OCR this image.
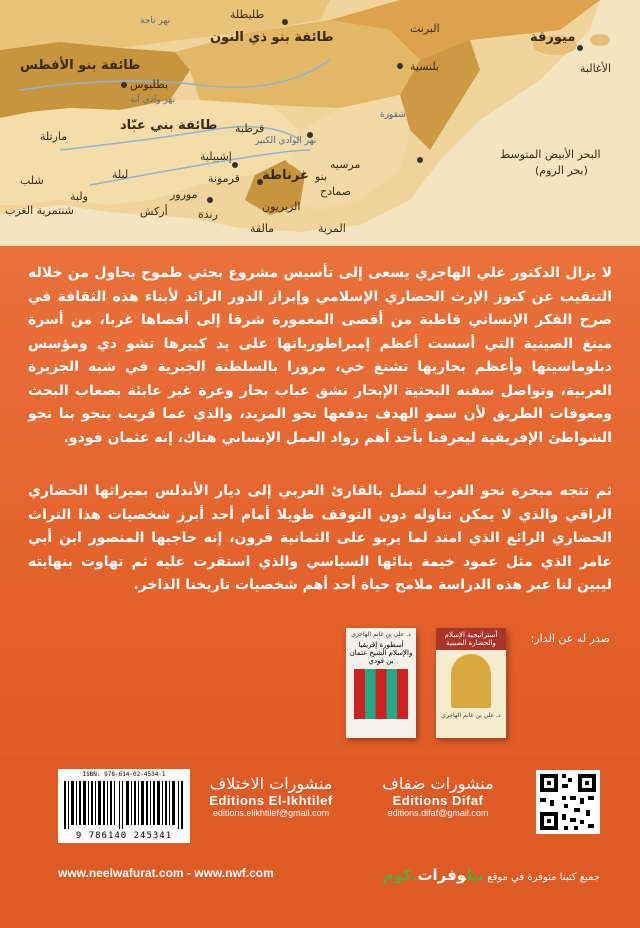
طليطلة
طائفة بنو ذي النون
طائفة بنو الأفطس
بطليوس
نهر تاجة
نهر وادي آنة
البرنت
بلنسية
ميورقة
الأغالبة
شقورة
طائفة بني عبّاد قرطبة
نهر الوادي الكبير
مارتلة
إشبيلية
لبلة	قرمونة غرناطة بنو
مرسيه
صمادح
شلب
مورور
الزيريون
ولبة
شنتمرية الغرب	أركش	رندة
مالقة	المرية
البحر الأبيض المتوسط
(بحر الروم)

لا يزال الدكتور علي الهاجري يسعى إلى تأسيس مشروع بحثي طموح يحاول من خلاله التنقيب عن كنوز الإرث الحضاري الإسلامي وإبراز الدور الرائد لأبناء هذه الثقافة في صرح الفكر الإنساني قاطبة من أقصى المعمورة شرقا إلى أقصاها غربا، من أسرة مينغ الصينية التي أسست أعظم إمبراطورياتها على يد كبيرها تشو دي ومؤسس دبلوماسيتها وأعظم بحاريها تشنغ خي، مرورا بالسلطنة الجبرية في شبه الجزيرة العربية، وتواصل سفنه البحثية الإبحار تشق عباب بحار وعرة غير عابئة بصعاب البحث ومعوقات الطريق لأن سمو الهدف يدفعها نحو المزيد، والذي عما قريب ينحو بنا نحو الشواطئ الإفريقية ليعرفنا بأحد أهم رواد العمل الإنساني هناك، إنه عثمان فودو.

ثم تتجه مبحرة نحو الغرب لتصل بالقارئ العربي إلى ديار الأندلس بميراثها الحضاري الراقي والذي لا يمكن تناوله دون التوقف طويلا أمام أحد أبرز شخصيات هذا التراث الحضاري الرائع الذي امتد لما يربو على الثمانية قرون، إنه حاجبها المنصور ابن أبي عامر الذي مثل عمود خيمة بنائها السياسي والذي استقرت عليه ثم تهاوت بنهايته ليبين لنا عبر هذه الدراسة ملامح حياة أحد أهم شخصيات تاريخنا الذاخر.

صدر له عن الدار:
أستراتيجية الإسلام والحضارة الصينية
د. علي بن غانم الهاجري
د. علي بن غانم الهاجري
أسطورة إفريقيا والإسلام الشيخ عثمان بن فودي
ISBN: 978-614-02-4534-1
9 786140 245341
منشورات الاختلاف
Editions El-Ikhtilef
editions.elikhtilef@gmail.com
منشورات ضفاف
Editions Difaf
editions.difaf@gmail.com
www.neelwafurat.com - www.nwf.com	جميع كتبنا متوفرة في موقع نيلوفرات.كوم
